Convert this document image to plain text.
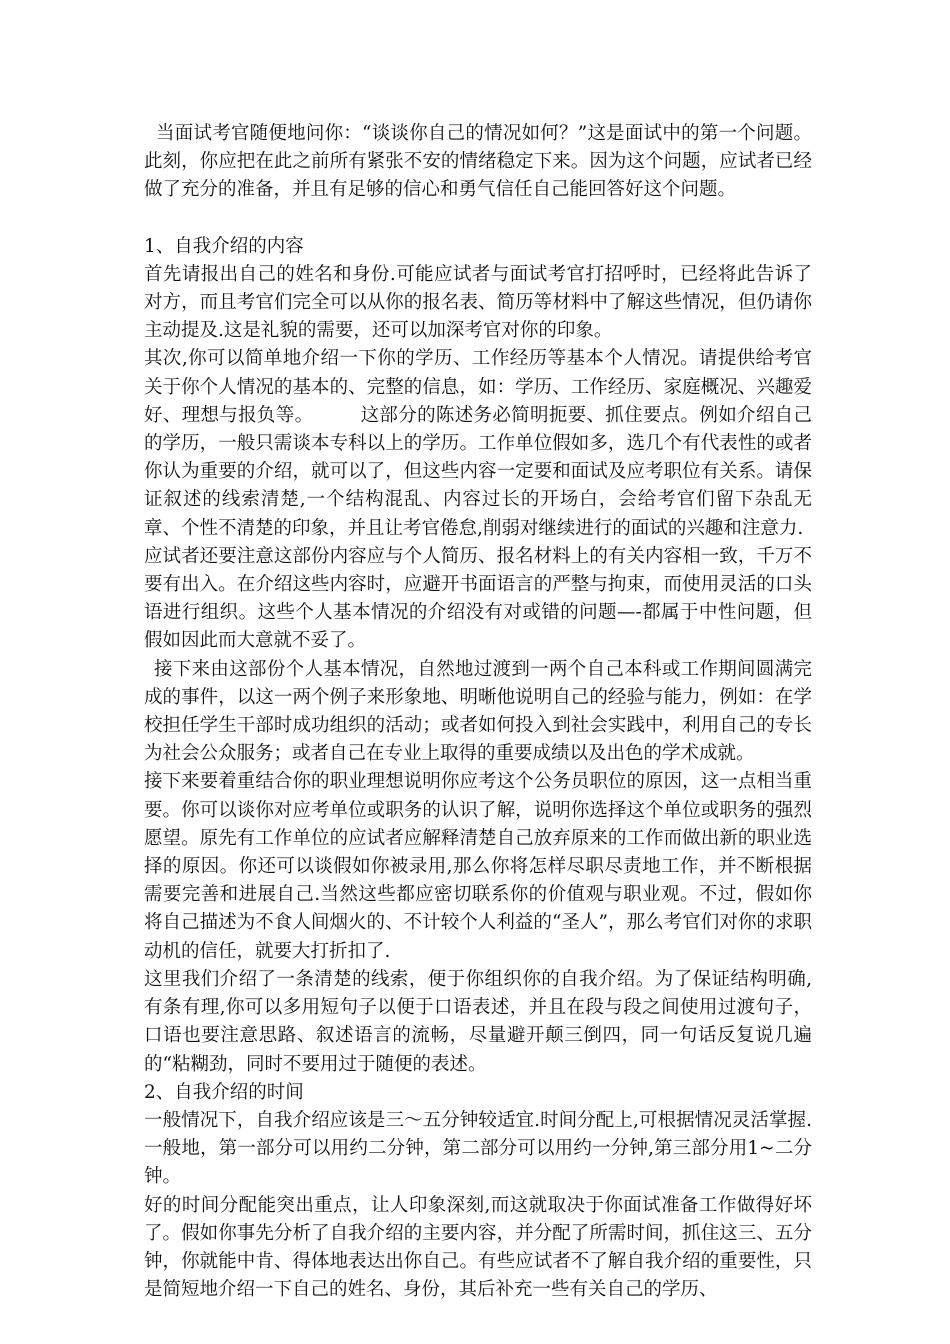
当面试考官随便地问你：“谈谈你自己的情况如何？”这是面试中的第一个问题。此刻，你应把在此之前所有紧张不安的情绪稳定下来。因为这个问题，应试者已经做了充分的准备，并且有足够的信心和勇气信任自己能回答好这个问题。

1、自我介绍的内容

首先请报出自己的姓名和身份.可能应试者与面试考官打招呼时，已经将此告诉了对方，而且考官们完全可以从你的报名表、简历等材料中了解这些情况，但仍请你主动提及.这是礼貌的需要，还可以加深考官对你的印象。

其次,你可以简单地介绍一下你的学历、工作经历等基本个人情况。请提供给考官关于你个人情况的基本的、完整的信息，如：学历、工作经历、家庭概况、兴趣爱好、理想与报负等。　　　这部分的陈述务必简明扼要、抓住要点。例如介绍自己的学历，一般只需谈本专科以上的学历。工作单位假如多，选几个有代表性的或者你认为重要的介绍，就可以了，但这些内容一定要和面试及应考职位有关系。请保证叙述的线索清楚,一个结构混乱、内容过长的开场白，会给考官们留下杂乱无章、个性不清楚的印象，并且让考官倦怠,削弱对继续进行的面试的兴趣和注意力.

应试者还要注意这部份内容应与个人简历、报名材料上的有关内容相一致，千万不要有出入。在介绍这些内容时，应避开书面语言的严整与拘束，而使用灵活的口头语进行组织。这些个人基本情况的介绍没有对或错的问题—-都属于中性问题，但假如因此而大意就不妥了。

接下来由这部份个人基本情况，自然地过渡到一两个自己本科或工作期间圆满完成的事件，以这一两个例子来形象地、明晰他说明自己的经验与能力，例如：在学校担任学生干部时成功组织的活动；或者如何投入到社会实践中，利用自己的专长为社会公众服务；或者自己在专业上取得的重要成绩以及出色的学术成就。

接下来要着重结合你的职业理想说明你应考这个公务员职位的原因，这一点相当重要。你可以谈你对应考单位或职务的认识了解，说明你选择这个单位或职务的强烈愿望。原先有工作单位的应试者应解释清楚自己放弃原来的工作而做出新的职业选择的原因。你还可以谈假如你被录用,那么你将怎样尽职尽责地工作，并不断根据需要完善和进展自己.当然这些都应密切联系你的价值观与职业观。不过，假如你将自己描述为不食人间烟火的、不计较个人利益的“圣人”，那么考官们对你的求职动机的信任，就要大打折扣了.

这里我们介绍了一条清楚的线索，便于你组织你的自我介绍。为了保证结构明确,有条有理,你可以多用短句子以便于口语表述，并且在段与段之间使用过渡句子，口语也要注意思路、叙述语言的流畅，尽量避开颠三倒四，同一句话反复说几遍的“粘糊劲，同时不要用过于随便的表述。

2、自我介绍的时间

一般情况下，自我介绍应该是三～五分钟较适宜.时间分配上,可根据情况灵活掌握.一般地，第一部分可以用约二分钟，第二部分可以用约一分钟,第三部分用1~二分钟。

好的时间分配能突出重点，让人印象深刻,而这就取决于你面试准备工作做得好坏了。假如你事先分析了自我介绍的主要内容，并分配了所需时间，抓住这三、五分钟，你就能中肯、得体地表达出你自己。有些应试者不了解自我介绍的重要性，只是简短地介绍一下自己的姓名、身份，其后补充一些有关自己的学历、
